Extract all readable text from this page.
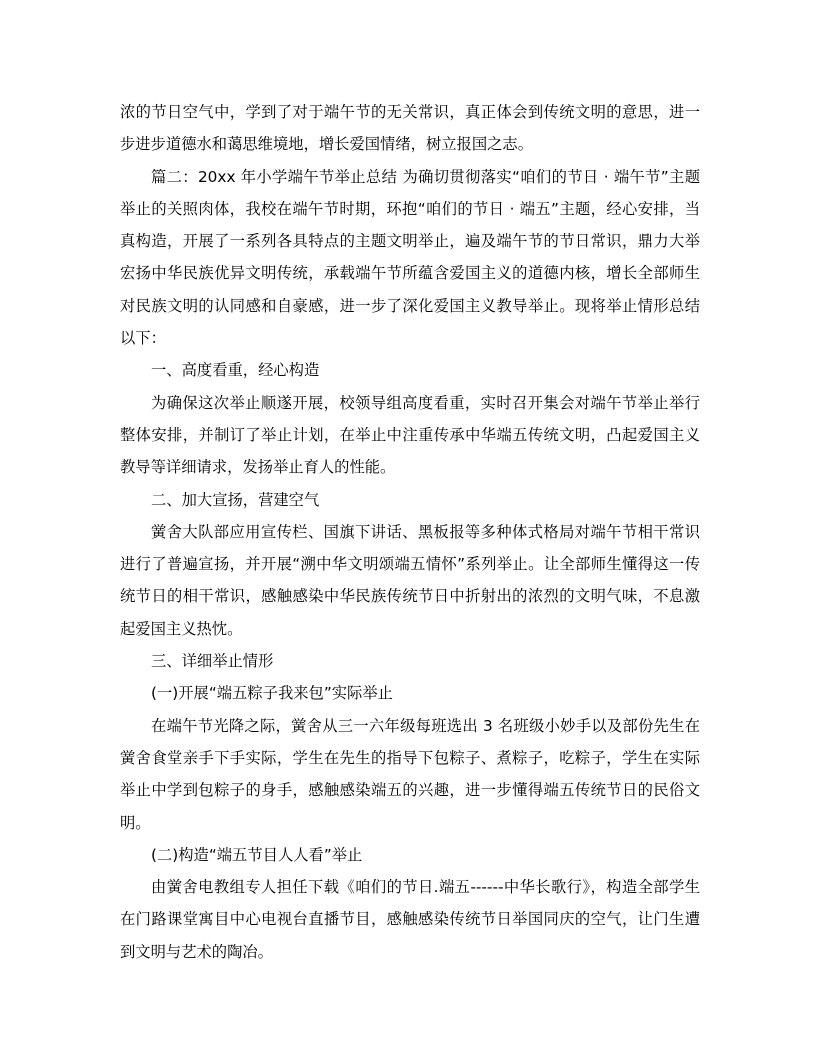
浓的节日空气中，学到了对于端午节的无关常识，真正体会到传统文明的意思，进一步进步道德水和蔼思维境地，增长爱国情绪，树立报国之志。

篇二：20xx 年小学端午节举止总结 为确切贯彻落实“咱们的节日 · 端午节”主题举止的关照肉体，我校在端午节时期，环抱“咱们的节日 · 端五”主题，经心安排，当真构造，开展了一系列各具特点的主题文明举止，遍及端午节的节日常识，鼎力大举宏扬中华民族优异文明传统，承载端午节所蕴含爱国主义的道德内核，增长全部师生对民族文明的认同感和自豪感，进一步了深化爱国主义教导举止。现将举止情形总结以下：

一、高度看重，经心构造

为确保这次举止顺遂开展，校领导组高度看重，实时召开集会对端午节举止举行整体安排，并制订了举止计划，在举止中注重传承中华端五传统文明，凸起爱国主义教导等详细请求，发扬举止育人的性能。

二、加大宣扬，营建空气

黉舍大队部应用宣传栏、国旗下讲话、黑板报等多种体式格局对端午节相干常识进行了普遍宣扬，并开展“溯中华文明颂端五情怀”系列举止。让全部师生懂得这一传统节日的相干常识，感触感染中华民族传统节日中折射出的浓烈的文明气味，不息激起爱国主义热忱。

三、详细举止情形

(一)开展“端五粽子我来包”实际举止

在端午节光降之际，黉舍从三一六年级每班选出 3 名班级小妙手以及部份先生在黉舍食堂亲手下手实际，学生在先生的指导下包粽子、煮粽子，吃粽子，学生在实际举止中学到包粽子的身手，感触感染端五的兴趣，进一步懂得端五传统节日的民俗文明。

(二)构造“端五节目人人看”举止

由黉舍电教组专人担任下载《咱们的节日.端五------中华长歌行》，构造全部学生在门路课堂寓目中心电视台直播节目，感触感染传统节日举国同庆的空气，让门生遭到文明与艺术的陶冶。
